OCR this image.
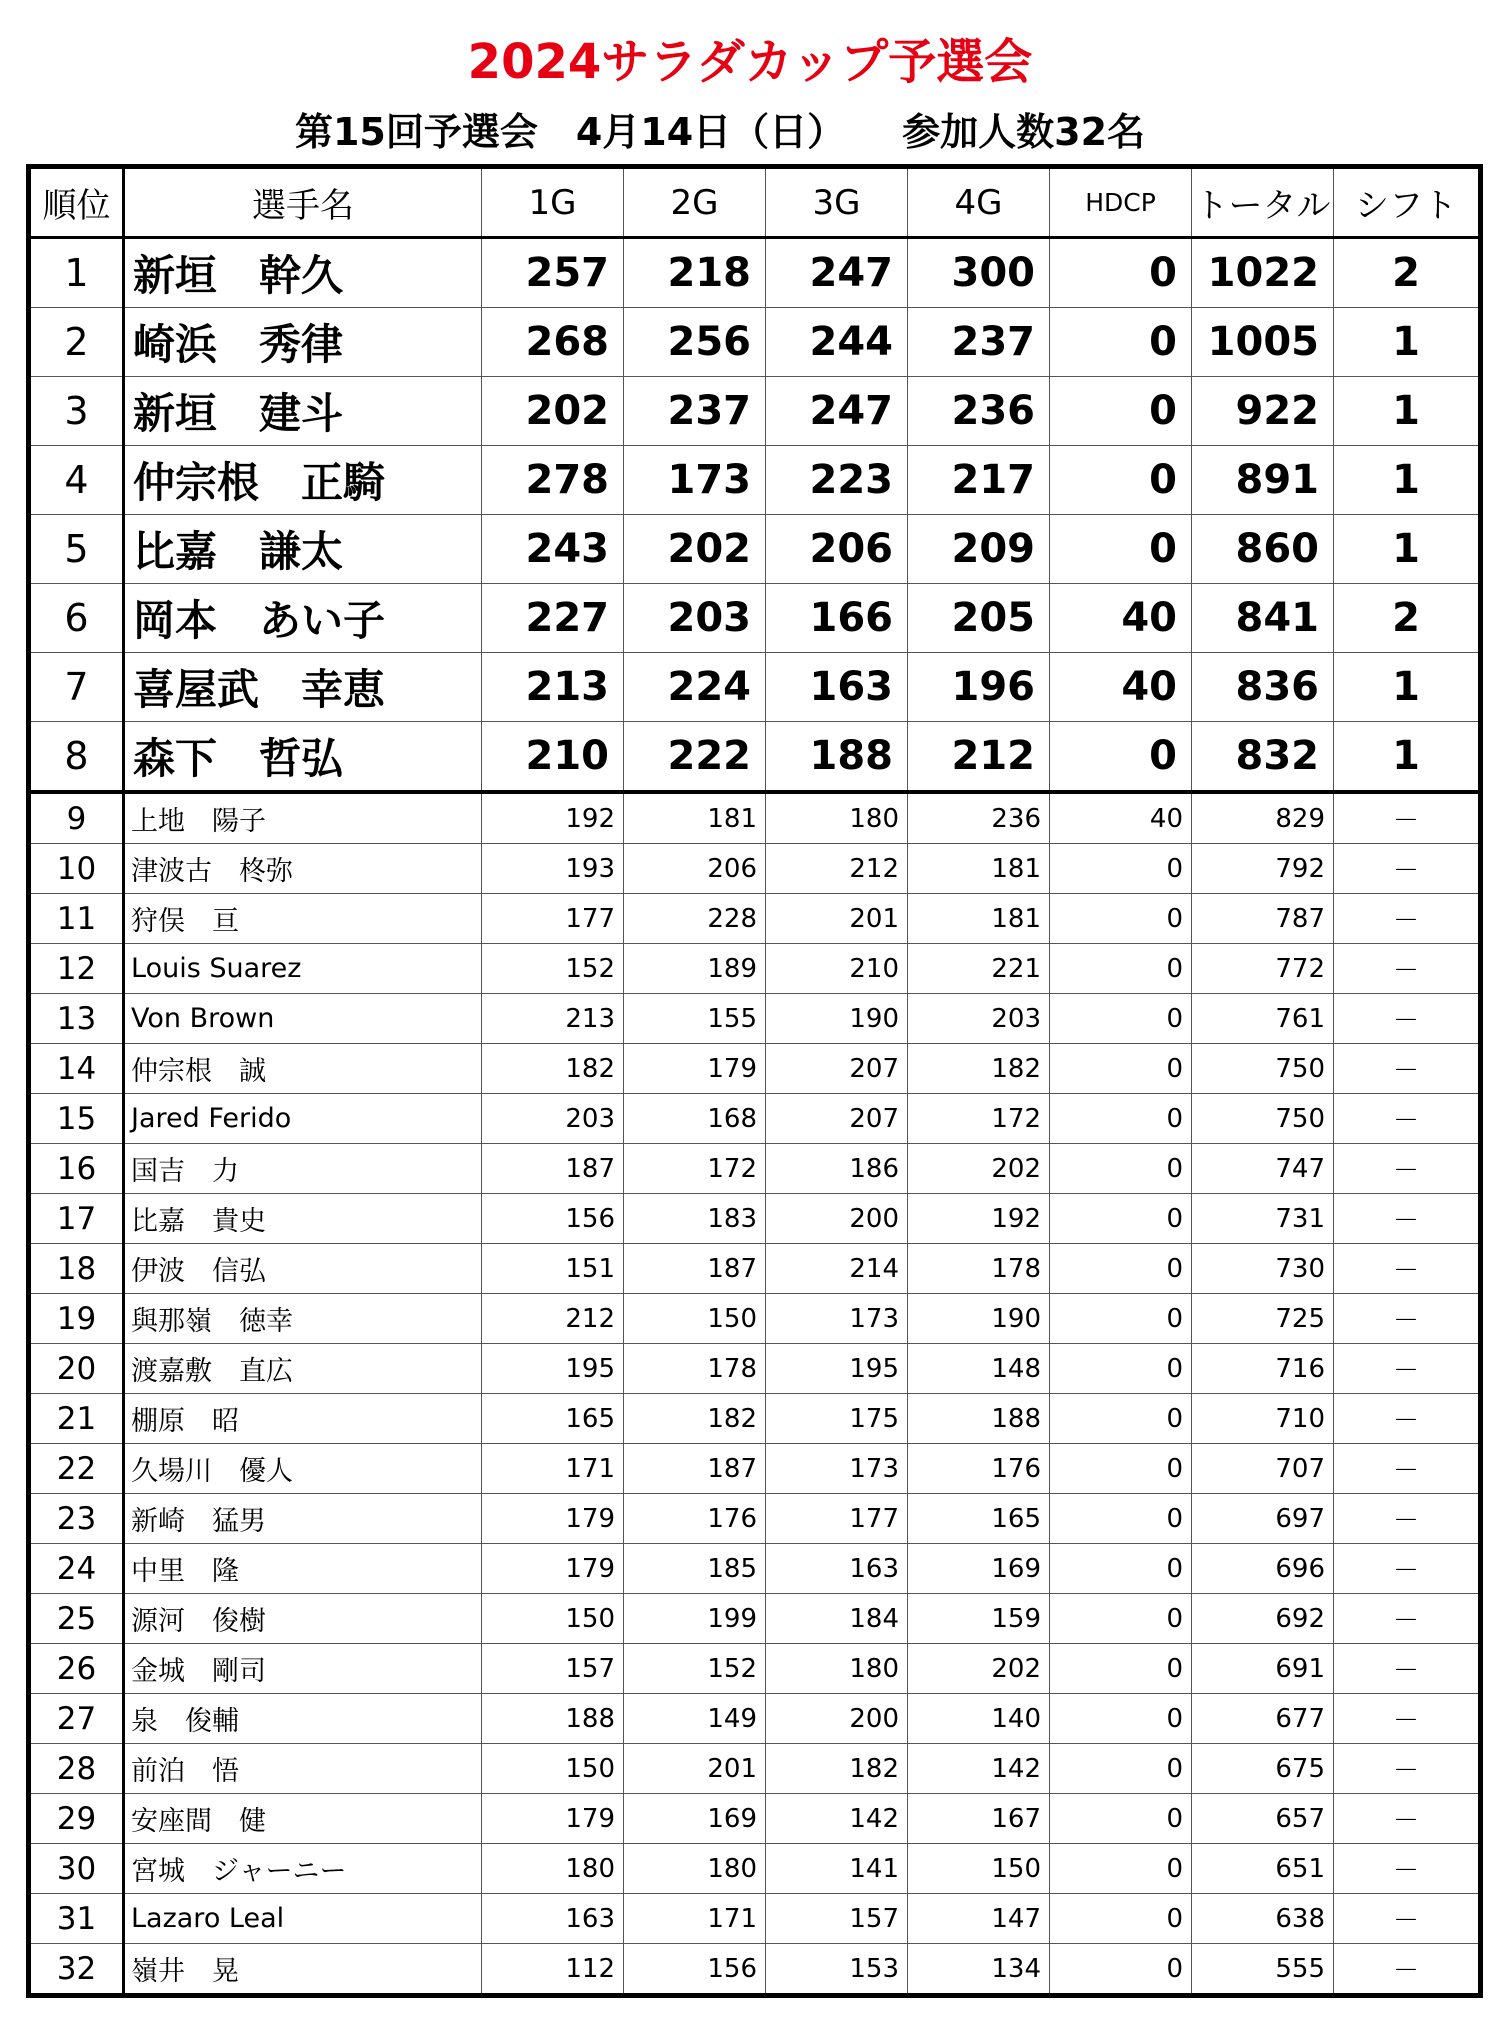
2024サラダカップ予選会
第15回予選会　4月14日（日）　　参加人数32名
順位	選手名	1G	2G	3G	4G	HDCP	トータル	シフト
1	新垣　幹久	257	218	247	300	0	1022	2
2	崎浜　秀律	268	256	244	237	0	1005	1
3	新垣　建斗	202	237	247	236	0	922	1
4	仲宗根　正騎	278	173	223	217	0	891	1
5	比嘉　謙太	243	202	206	209	0	860	1
6	岡本　あい子	227	203	166	205	40	841	2
7	喜屋武　幸恵	213	224	163	196	40	836	1
8	森下　哲弘	210	222	188	212	0	832	1
9	上地　陽子	192	181	180	236	40	829	－
10	津波古　柊弥	193	206	212	181	0	792	－
11	狩俣　亘	177	228	201	181	0	787	－
12	Louis Suarez	152	189	210	221	0	772	－
13	Von Brown	213	155	190	203	0	761	－
14	仲宗根　誠	182	179	207	182	0	750	－
15	Jared Ferido	203	168	207	172	0	750	－
16	国吉　力	187	172	186	202	0	747	－
17	比嘉　貴史	156	183	200	192	0	731	－
18	伊波　信弘	151	187	214	178	0	730	－
19	與那嶺　徳幸	212	150	173	190	0	725	－
20	渡嘉敷　直広	195	178	195	148	0	716	－
21	棚原　昭	165	182	175	188	0	710	－
22	久場川　優人	171	187	173	176	0	707	－
23	新崎　猛男	179	176	177	165	0	697	－
24	中里　隆	179	185	163	169	0	696	－
25	源河　俊樹	150	199	184	159	0	692	－
26	金城　剛司	157	152	180	202	0	691	－
27	泉　俊輔	188	149	200	140	0	677	－
28	前泊　悟	150	201	182	142	0	675	－
29	安座間　健	179	169	142	167	0	657	－
30	宮城　ジャーニー	180	180	141	150	0	651	－
31	Lazaro Leal	163	171	157	147	0	638	－
32	嶺井　晃	112	156	153	134	0	555	－
